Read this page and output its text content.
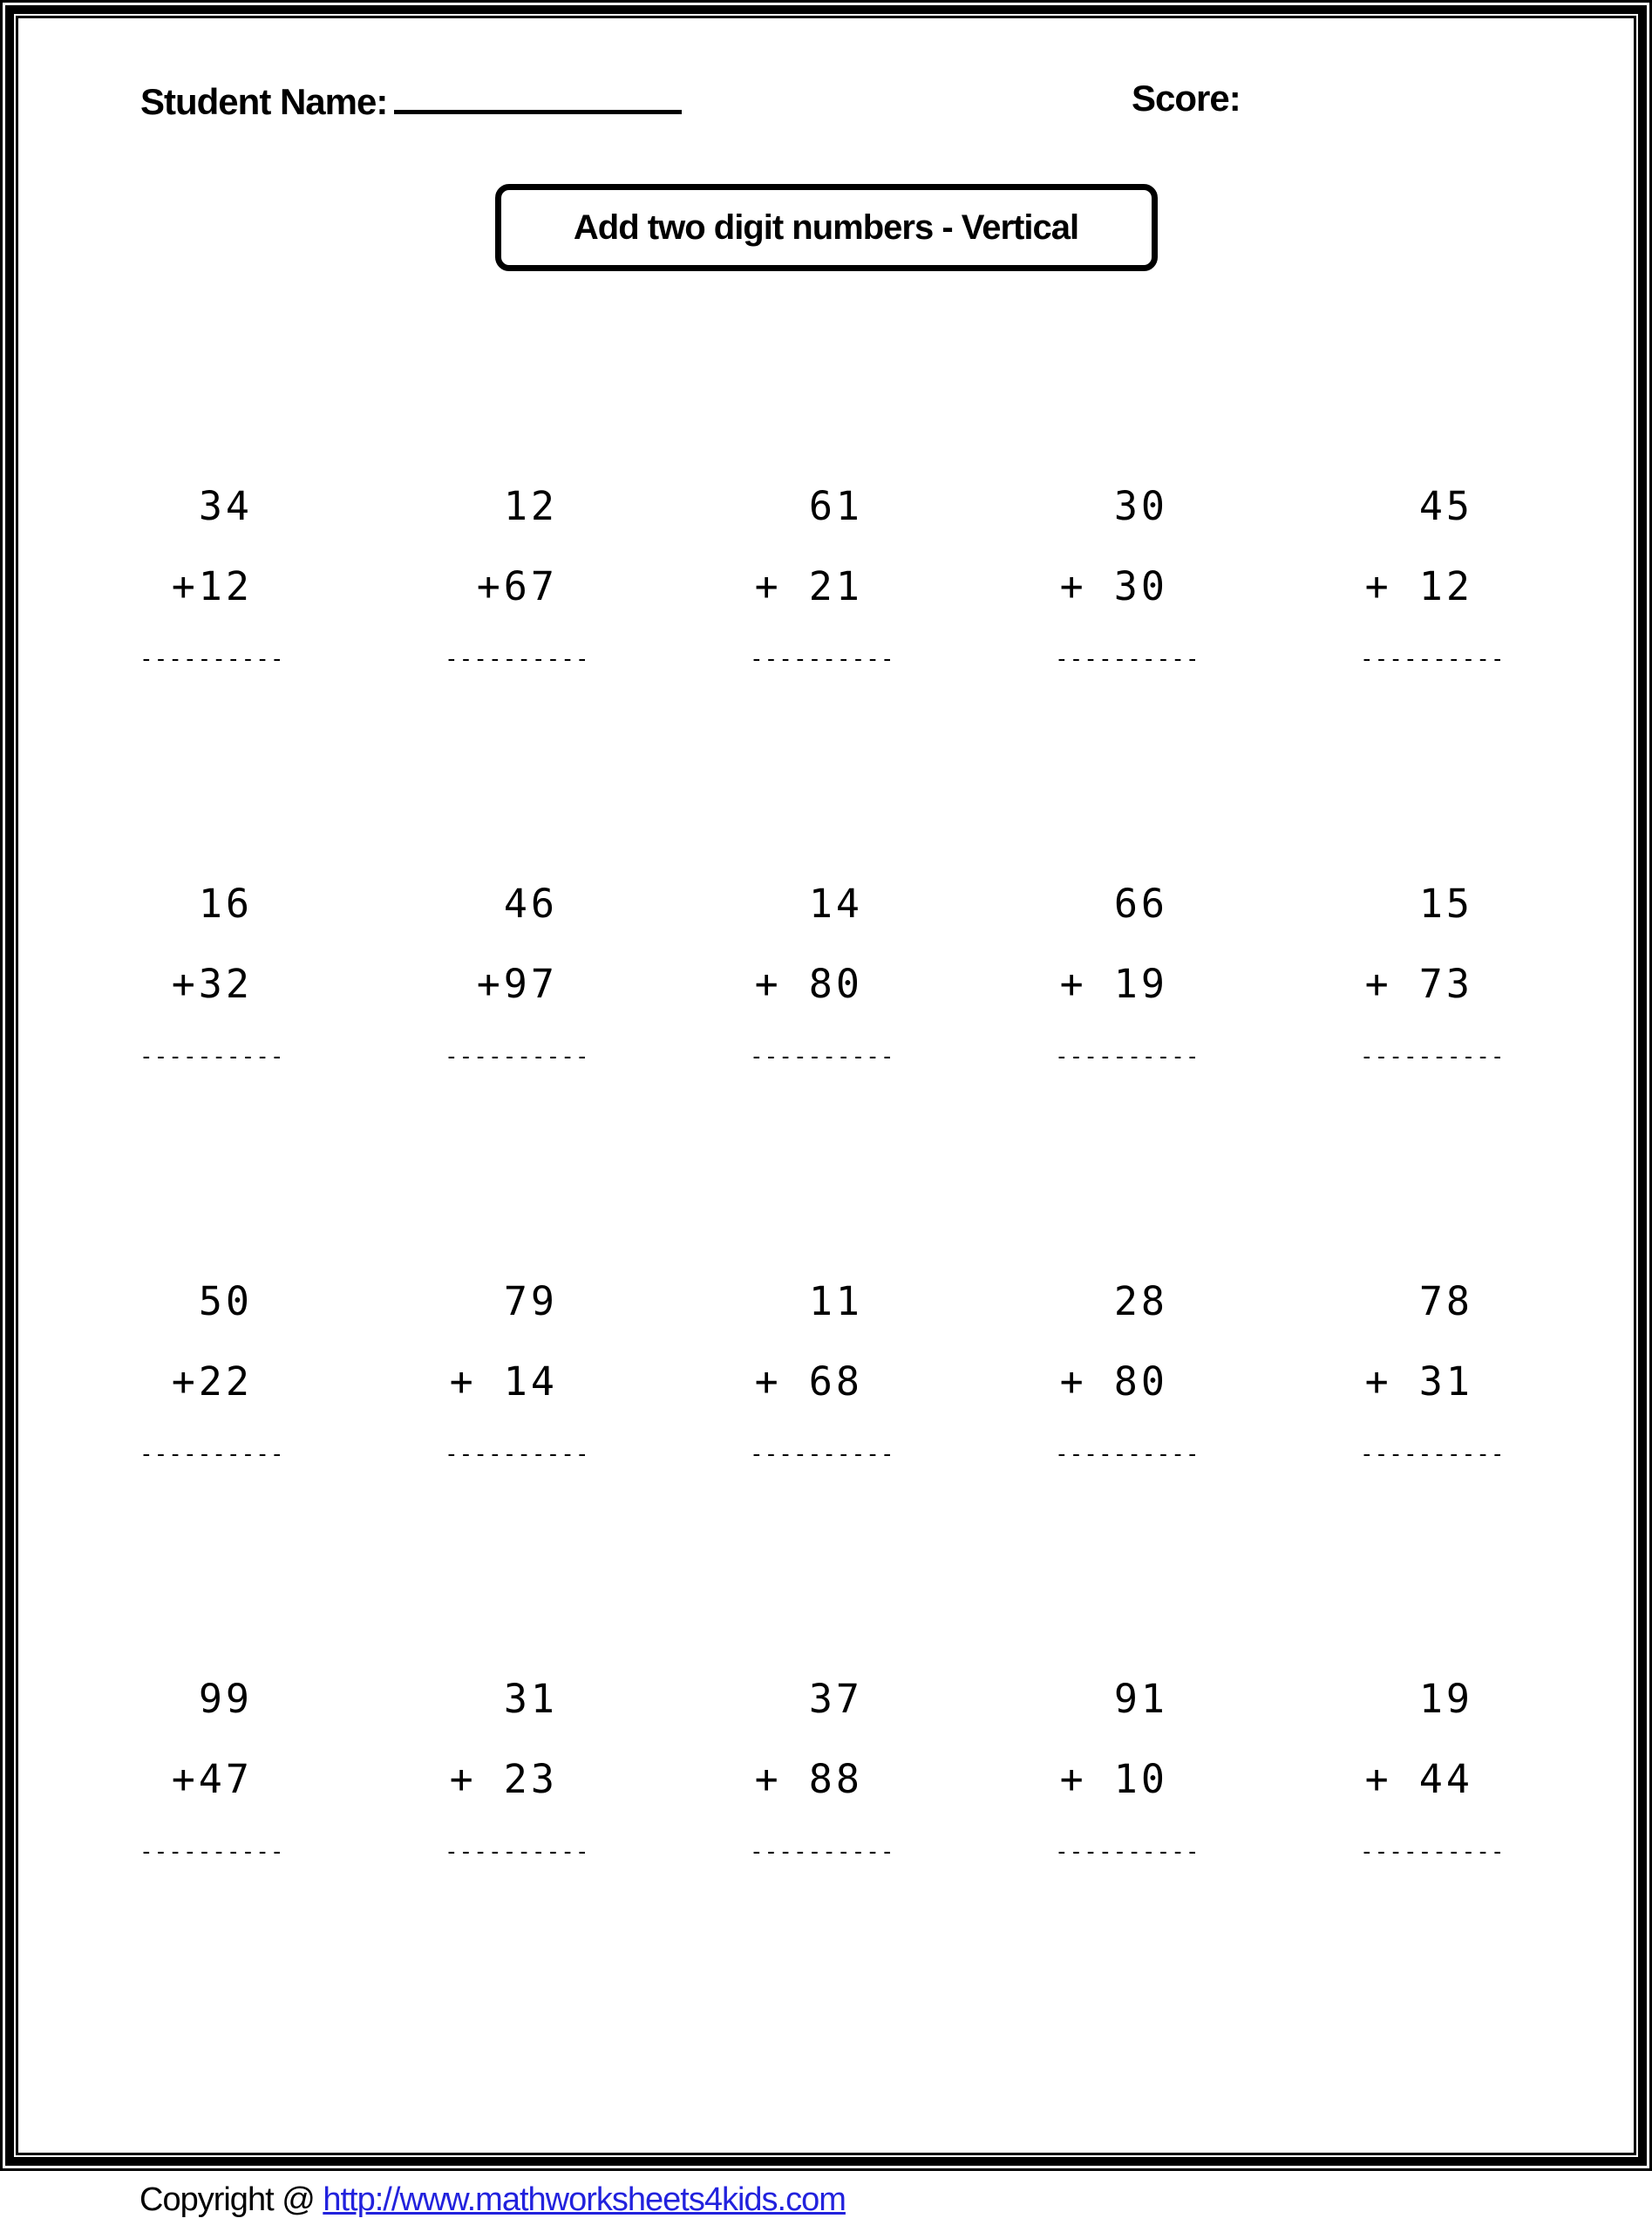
Student Name:	Score:
Add two digit numbers - Vertical
34
+12
----------
12
+67
----------
61
+ 21
----------
30
+ 30
----------
45
+ 12
----------
16
+32
----------
46
+97
----------
14
+ 80
----------
66
+ 19
----------
15
+ 73
----------
50
+22
----------
79
+ 14
----------
11
+ 68
----------
28
+ 80
----------
78
+ 31
----------
99
+47
----------
31
+ 23
----------
37
+ 88
----------
91
+ 10
----------
19
+ 44
----------
Copyright @ http://www.mathworksheets4kids.com
